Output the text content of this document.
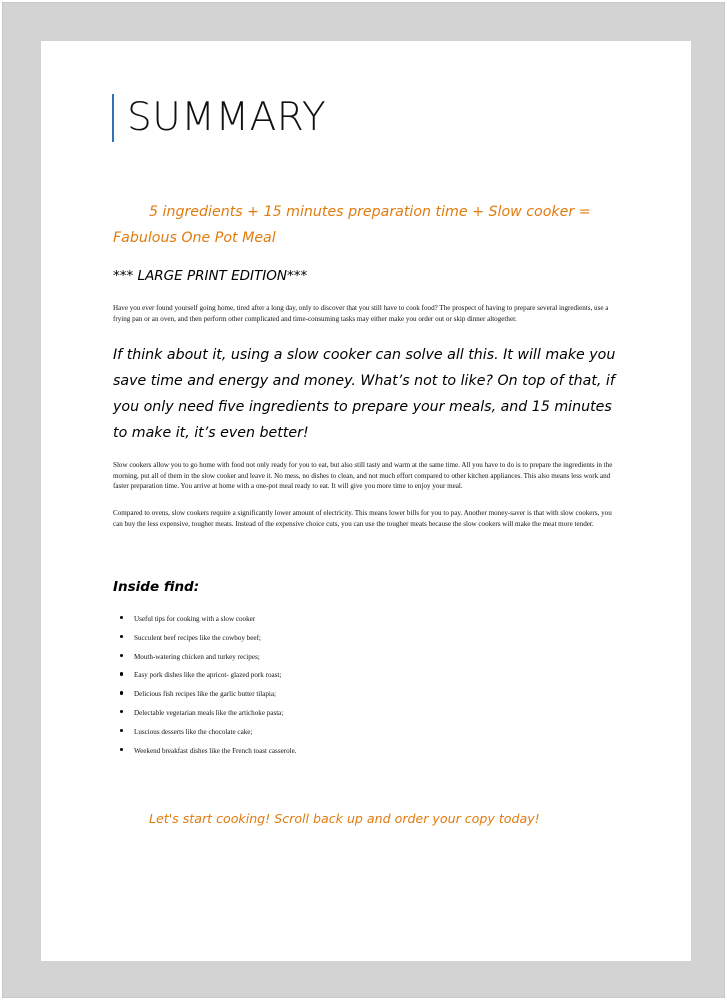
SUMMARY

5 ingredients + 15 minutes preparation time + Slow cooker = Fabulous One Pot Meal

*** LARGE PRINT EDITION***

Have you ever found yourself going home, tired after a long day, only to discover that you still have to cook food? The prospect of having to prepare several ingredients, use a frying pan or an oven, and then perform other complicated and time-consuming tasks may either make you order out or skip dinner altogether.

If think about it, using a slow cooker can solve all this. It will make you save time and energy and money. What’s not to like? On top of that, if you only need five ingredients to prepare your meals, and 15 minutes to make it, it’s even better!

Slow cookers allow you to go home with food not only ready for you to eat, but also still tasty and warm at the same time. All you have to do is to prepare the ingredients in the morning, put all of them in the slow cooker and leave it. No mess, no dishes to clean, and not much effort compared to other kitchen appliances. This also means less work and faster preparation time. You arrive at home with a one-pot meal ready to eat. It will give you more time to enjoy your meal.

Compared to ovens, slow cookers require a significantly lower amount of electricity. This means lower bills for you to pay. Another money-saver is that with slow cookers, you can buy the less expensive, tougher meats. Instead of the expensive choice cuts, you can use the tougher meats because the slow cookers will make the meat more tender.

Inside find:
Useful tips for cooking with a slow cooker
Succulent beef recipes like the cowboy beef;
Mouth-watering chicken and turkey recipes;
Easy pork dishes like the apricot- glazed pork roast;
Delicious fish recipes like the garlic butter tilapia;
Delectable vegetarian meals like the artichoke pasta;
Luscious desserts like the chocolate cake;
Weekend breakfast dishes like the French toast casserole.

Let's start cooking! Scroll back up and order your copy today!
